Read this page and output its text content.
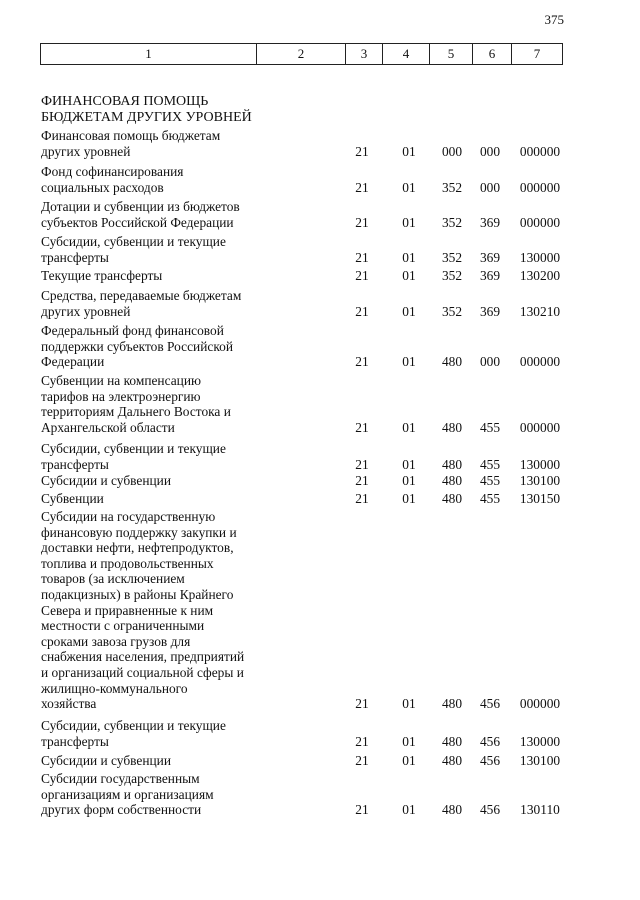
375
1	2	3	4	5	6	7
ФИНАНСОВАЯ ПОМОЩЬ
БЮДЖЕТАМ ДРУГИХ УРОВНЕЙ
Финансовая помощь бюджетам
других уровней	21	01	000	000	000000
Фонд софинансирования
социальных расходов	21	01	352	000	000000
Дотации и субвенции из бюджетов
субъектов Российской Федерации	21	01	352	369	000000
Субсидии, субвенции и текущие
трансферты	21	01	352	369	130000
Текущие трансферты	21	01	352	369	130200
Средства, передаваемые бюджетам
других уровней	21	01	352	369	130210
Федеральный фонд финансовой
поддержки субъектов Российской
Федерации	21	01	480	000	000000
Субвенции на компенсацию
тарифов на электроэнергию
территориям Дальнего Востока и
Архангельской области	21	01	480	455	000000
Субсидии, субвенции и текущие
трансферты	21	01	480	455	130000
Субсидии и субвенции	21	01	480	455	130100
Субвенции	21	01	480	455	130150
Субсидии на государственную
финансовую поддержку закупки и
доставки нефти, нефтепродуктов,
топлива и продовольственных
товаров (за исключением
подакцизных) в районы Крайнего
Севера и приравненные к ним
местности с ограниченными
сроками завоза грузов для
снабжения населения, предприятий
и организаций социальной сферы и
жилищно-коммунального
хозяйства	21	01	480	456	000000
Субсидии, субвенции и текущие
трансферты	21	01	480	456	130000
Субсидии и субвенции	21	01	480	456	130100
Субсидии государственным
организациям и организациям
других форм собственности	21	01	480	456	130110
